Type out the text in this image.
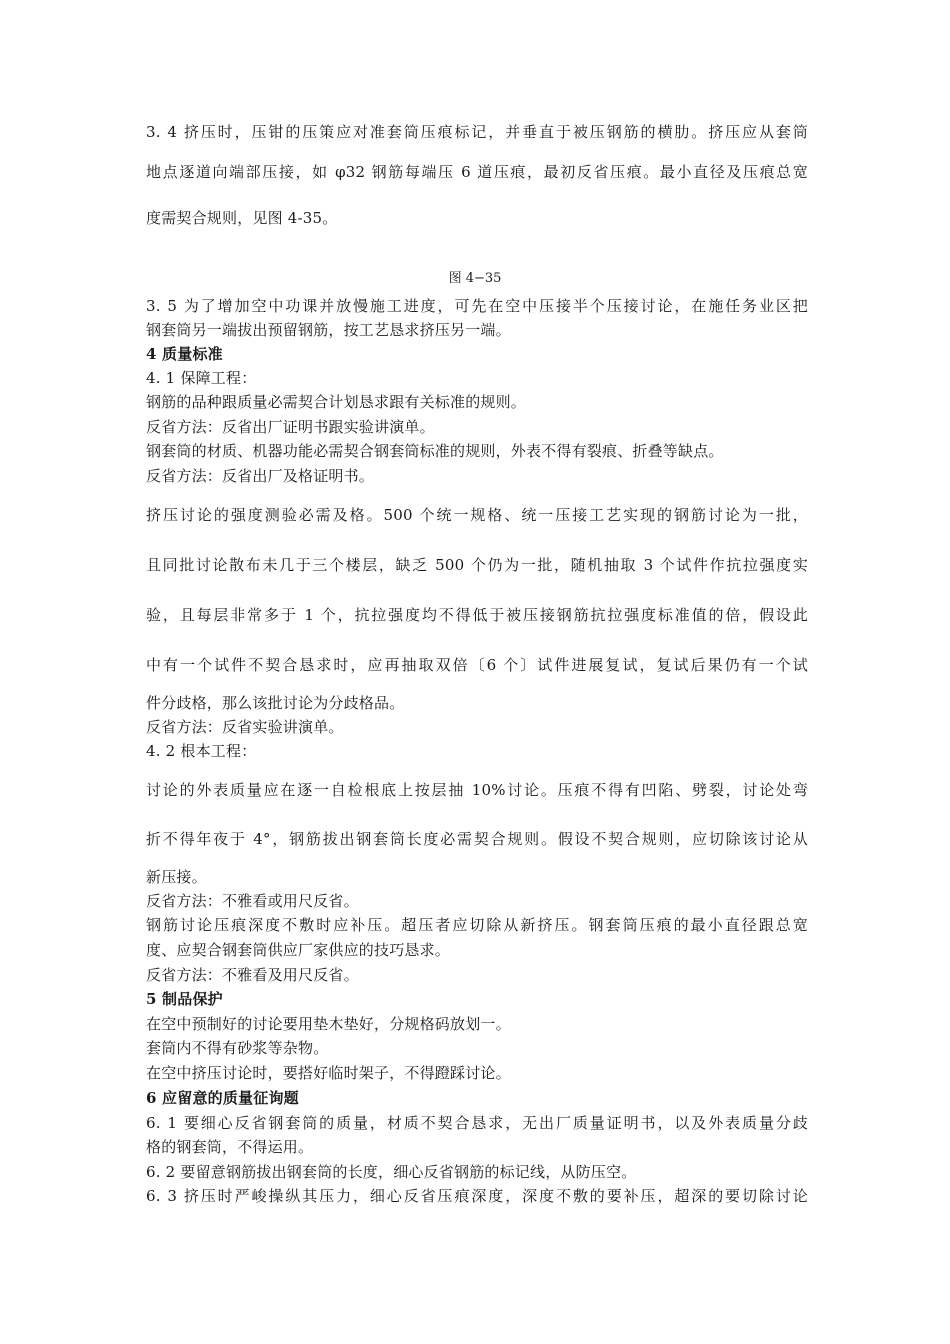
3. 4 挤压时，压钳的压策应对准套筒压痕标记，并垂直于被压钢筋的横肋。挤压应从套筒
地点逐道向端部压接，如 φ32 钢筋每端压 6 道压痕，最初反省压痕。最小直径及压痕总宽
度需契合规则，见图 4-35。
图 4−35
3. 5 为了增加空中功课并放慢施工进度，可先在空中压接半个压接讨论，在施任务业区把
钢套筒另一端拔出预留钢筋，按工艺恳求挤压另一端。
4 质量标准
4. 1 保障工程：
钢筋的品种跟质量必需契合计划恳求跟有关标准的规则。
反省方法：反省出厂证明书跟实验讲演单。
钢套筒的材质、机器功能必需契合钢套筒标准的规则，外表不得有裂痕、折叠等缺点。
反省方法：反省出厂及格证明书。
挤压讨论的强度测验必需及格。500 个统一规格、统一压接工艺实现的钢筋讨论为一批，
且同批讨论散布未几于三个楼层，缺乏 500 个仍为一批，随机抽取 3 个试件作抗拉强度实
验，且每层非常多于 1 个，抗拉强度均不得低于被压接钢筋抗拉强度标准值的倍，假设此
中有一个试件不契合恳求时，应再抽取双倍〔6 个〕试件进展复试，复试后果仍有一个试
件分歧格，那么该批讨论为分歧格品。
反省方法：反省实验讲演单。
4. 2 根本工程：
讨论的外表质量应在逐一自检根底上按层抽 10%讨论。压痕不得有凹陷、劈裂，讨论处弯
折不得年夜于 4°，钢筋拔出钢套筒长度必需契合规则。假设不契合规则，应切除该讨论从
新压接。
反省方法：不雅看或用尺反省。
钢筋讨论压痕深度不敷时应补压。超压者应切除从新挤压。钢套筒压痕的最小直径跟总宽
度、应契合钢套筒供应厂家供应的技巧恳求。
反省方法：不雅看及用尺反省。
5 制品保护
在空中预制好的讨论要用垫木垫好，分规格码放划一。
套筒内不得有砂浆等杂物。
在空中挤压讨论时，要搭好临时架子，不得蹬踩讨论。
6 应留意的质量征询题
6. 1 要细心反省钢套筒的质量，材质不契合恳求，无出厂质量证明书，以及外表质量分歧
格的钢套筒，不得运用。
6. 2 要留意钢筋拔出钢套筒的长度，细心反省钢筋的标记线，从防压空。
6. 3 挤压时严峻操纵其压力，细心反省压痕深度，深度不敷的要补压，超深的要切除讨论
